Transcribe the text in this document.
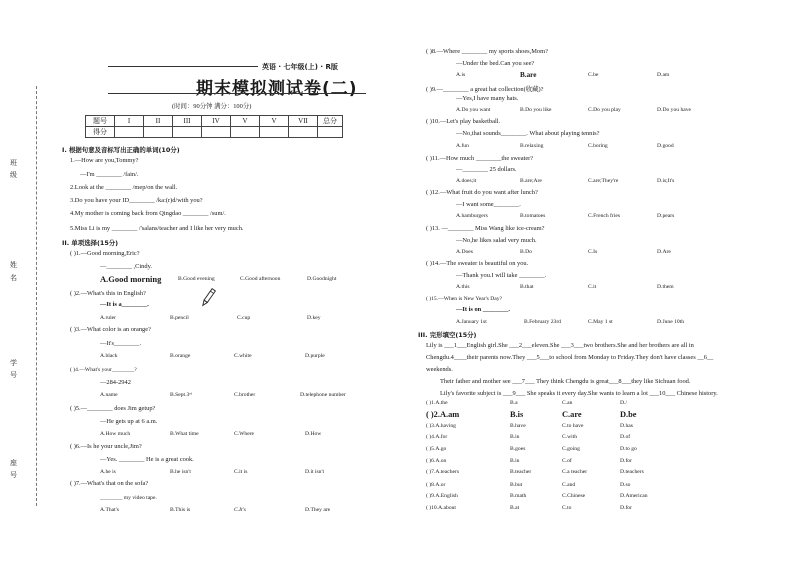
班
级
姓
名
学
号
座
号
英语 · 七年级(上) · R版
期末模拟测试卷(二)
(时间：90分钟 满分：100分)
题号	I	II	III	IV	V	V	VII	总分
得分								
I. 根据句意及音标写出正确的单词(10分)
1.—How are you,Tommy?
—I'm ________ /fain/.
2.Look at the ________ /mep/on the wall.
3.Do you have your ID________ /ka:(r)d/with you?
4.My mother is coming back from Qingdao ________ /sum/.
5.Miss Li is my ________ /'salans/teacher and I like her very much.
II. 单项选择(15分)
( )1.—Good morning,Eric?
—________ ,Cindy.
A.Good morning	B.Good evening	C.Good afternoon	D.Goodnight
( )2.—What's this in English?
—It is a________.
A.ruler	B.pencil	C.cup	D.key
( )3.—What color is an orange?
—It's________.
A.black	B.orange	C.white	D.purple
( )4.—What's your________?
—284-2942
A.name	B.Sept.3ʳᵈ	C.brother	D.telephone number
( )5.—________ does Jim getup?
—He gets up at 6 a.m.
A.How much	B.What time	C.Where	D.How
( )6.—Is he your uncle,Jim?
—Yes. ________ He is a great cook.
A.he is	B.he isn't	C.it is	D.it isn't
( )7.—What's that on the sofa?
________ my video tape.
A.That's	B.This is	C.It's	D.They are
( )8.—Where ________ my sports shoes,Mom?
—Under the bed.Can you see?
A.is	B.are	C.be	D.am
( )9.—________ a great hat collection(收藏)?
—Yes,I have many hats.
A.Do you want	B.Do you like	C.Do you play	D.Do you have
( )10.—Let's play basketball.
—No,that sounds________. What about playing tennis?
A.fun	B.relaxing	C.boring	D.good
( )11.—How much ________the sweater?
—________ 25 dollars.
A.does;it	B.are;Are	C.are;They're	D.is;It's
( )12.—What fruit do you want after lunch?
—I want some________.
A.hamburgers	B.tomatoes	C.French fries	D.pears
( )13. —________ Miss Wang like ice-cream?
—No,he likes salad very much.
A.Does	B.Do	C.Is	D.Are
( )14.—The sweater is beautiful on you.
—Thank you.I will take ________.
A.this	B.that	C.it	D.them
( )15.—When is New Year's Day?
—It is on ________.
A.January 1st	B.February 23rd	C.May 1 st	D.June 10th
III. 完形填空(15分)
Lily is ___1___English girl.She ___2___eleven.She ___3___two brothers.She and her brothers are all in
Chengdu.4____their parents now.They ___5___to school from Monday to Friday.They don't have classes __6__
weekends.
Their father and mother see ___7___ They think Chengdu is great___8___they like Sichuan food.
Lily's favorite subject is ___9___ She speaks it every day.She wants to learn a lot ___10___ Chinese history.
( )1.A.the	B.a	C.an	D./
( )2.A.am	B.is	C.are	D.be
( )3.A.having	B.have	C.to have	D.has
( )4.A.for	B.in	C.with	D.of
( )5.A.go	B.goes	C.going	D.to go
( )6.A.on	B.in	C.of	D.for
( )7.A.teachers	B.teacher	C.a teacher	D.teachers
( )8.A.or	B.but	C.and	D.so
( )9.A.English	B.math	C.Chinese	D.American
( )10.A.about	B.at	C.to	D.for
